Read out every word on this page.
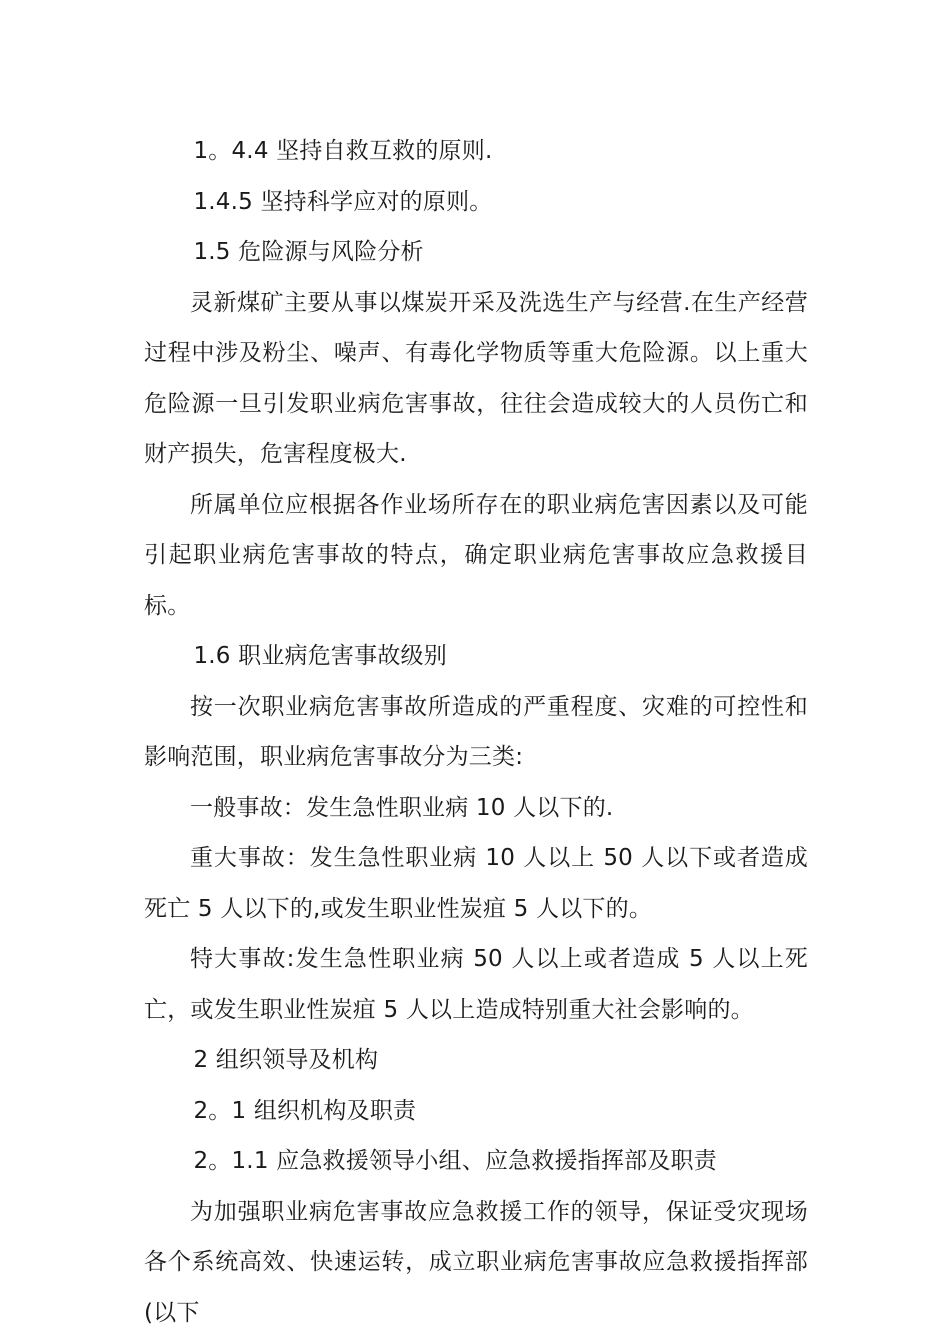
1。4.4 坚持自救互救的原则.

1.4.5 坚持科学应对的原则。

1.5 危险源与风险分析

灵新煤矿主要从事以煤炭开采及洗选生产与经营.在生产经营过程中涉及粉尘、噪声、有毒化学物质等重大危险源。以上重大危险源一旦引发职业病危害事故，往往会造成较大的人员伤亡和财产损失，危害程度极大.

所属单位应根据各作业场所存在的职业病危害因素以及可能引起职业病危害事故的特点，确定职业病危害事故应急救援目标。

1.6 职业病危害事故级别

按一次职业病危害事故所造成的严重程度、灾难的可控性和影响范围，职业病危害事故分为三类:

一般事故：发生急性职业病 10 人以下的.

重大事故：发生急性职业病 10 人以上 50 人以下或者造成死亡 5 人以下的,或发生职业性炭疽 5 人以下的。

特大事故:发生急性职业病 50 人以上或者造成 5 人以上死亡，或发生职业性炭疽 5 人以上造成特别重大社会影响的。

2 组织领导及机构

2。1 组织机构及职责

2。1.1 应急救援领导小组、应急救援指挥部及职责

为加强职业病危害事故应急救援工作的领导，保证受灾现场各个系统高效、快速运转，成立职业病危害事故应急救援指挥部(以下
